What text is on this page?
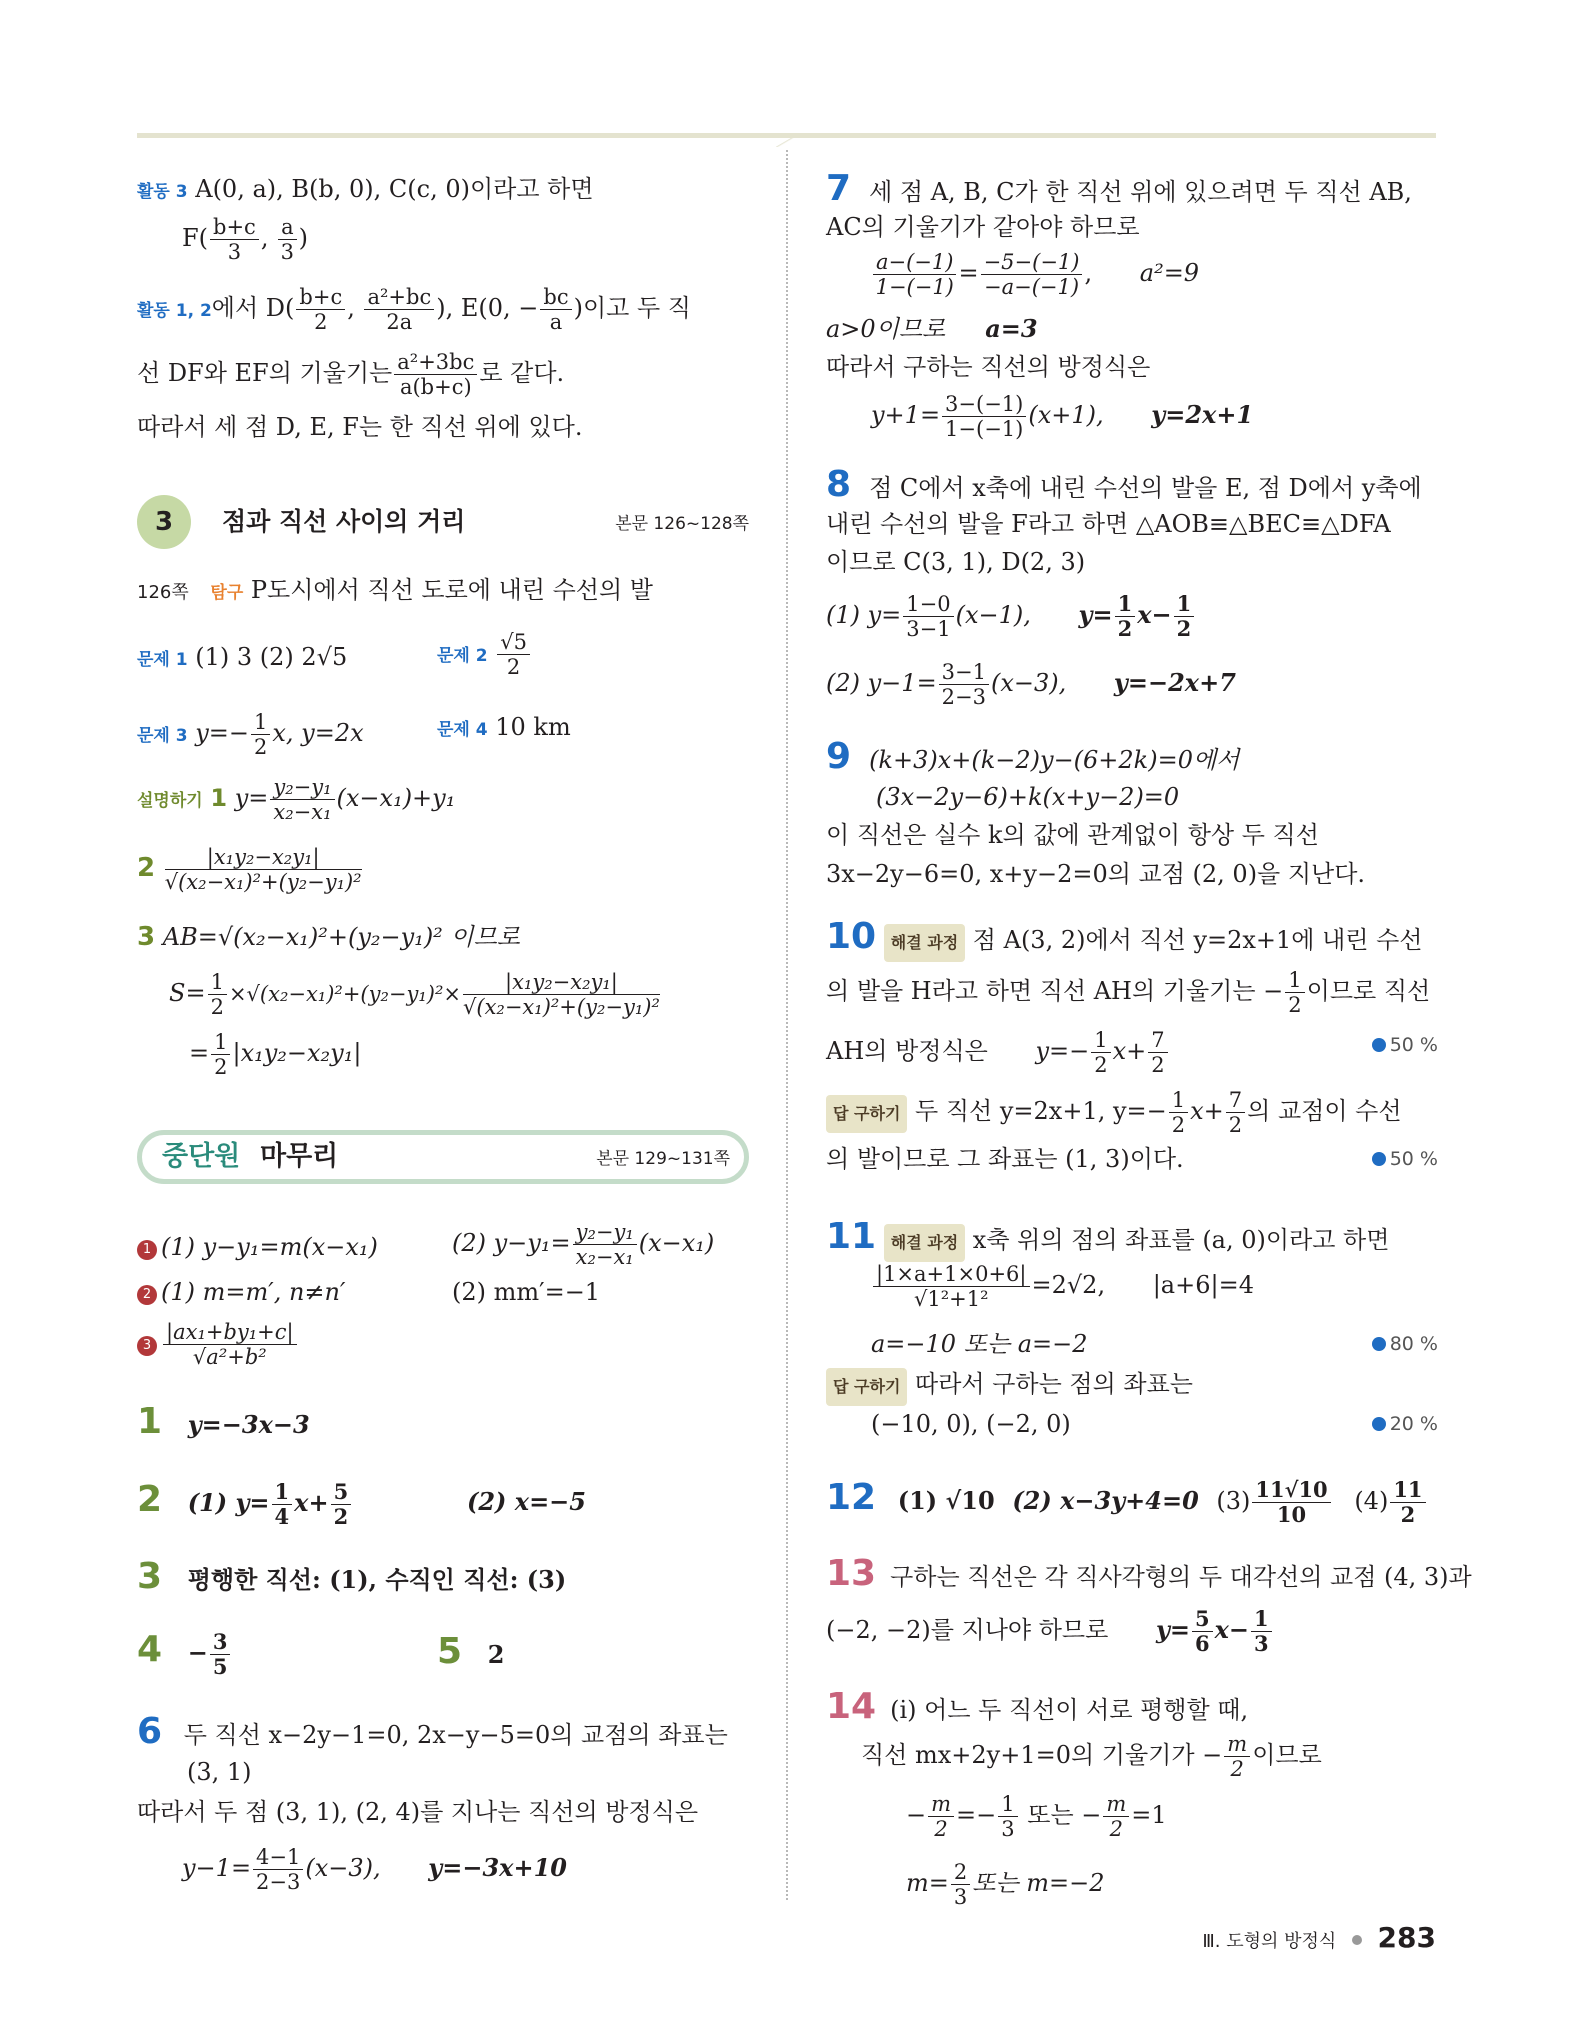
활동 3 A(0, a), B(b, 0), C(c, 0)이라고 하면
$F( \frac{b+c}{3}$ , $\frac{a}{3}$ )
활동 1, 2에서 $D( \frac{b+c}{2}$ , $\frac{\text{a²+bc}}{2a}$ ), E(0, − $\frac{bc}{a}$ )이고 두 직
선 DF와 EF의 기울기는 $\frac{\text{a²+3bc}}{a(b+c)}$ 로 같다.
따라서 세 점 D, E, F는 한 직선 위에 있다.
3	점과 직선 사이의 거리	본문 126~128쪽
126쪽 탐구 P도시에서 직선 도로에 내린 수선의 발
문제 1 (1) 3 (2) 2√5	문제 $2 \frac{√5}{2}$
문제 3 $y=- \frac{1}{2} x$, y=2x	문제 4 10 km
설명하기 1 $y= \frac{\text{y₂−y₁}}{\text{x₂−x₁}} (x-x_1)+y_1$
$2 \frac{\text{|x₁y₂−x₂y₁|}}{\text{√(x₂−x₁)²+(y₂−y₁)²}}$
3 AB=√(x₂−x₁)²+(y₂−y₁)² 이므로
$S= \frac{1}{2} \times√(x_2-x_1)^2+(y_2-y_1)^2\times \frac{\text{|x₁y₂−x₂y₁|}}{\text{√(x₂−x₁)²+(y₂−y₁)²}}$
= $\frac{1}{2} |x_1y_2-x_2y_1|$
중단원 마무리	본문 129~131쪽
1 (1) y−y₁=m(x−x₁)	(2) $y-y_1= \frac{\text{y₂−y₁}}{\text{x₂−x₁}} (x-x_1)$
2 (1) m=m′, n≠n′	(2) mm′=−1
$3 \frac{\text{|ax₁+by₁+c|}}{\text{√a²+b²}}$
1 y=−3x−3
2 (1) $y= \frac{1}{4} x+ \frac{5}{2}$	(2) x=−5
3 평행한 직선: (1), 수직인 직선: (3)
$4 - \frac{3}{5}$	5 2
6 두 직선 x−2y−1=0, 2x−y−5=0의 교점의 좌표는
(3, 1)
따라서 두 점 (3, 1), (2, 4)를 지나는 직선의 방정식은
$y-1= \frac{4-1}{2-3} (x-3)$, y=−3x+10
7 세 점 A, B, C가 한 직선 위에 있으려면 두 직선 AB,
AC의 기울기가 같아야 하므로
$\frac{a-(-1)}{1-(-1)} = \frac{-5-(-1)}{-a-(-1)}$ , a²=9
a>0이므로 a=3
따라서 구하는 직선의 방정식은
$y+1= \frac{3-(-1)}{1-(-1)} (x+1)$, y=2x+1
8 점 C에서 x축에 내린 수선의 발을 E, 점 D에서 y축에
내린 수선의 발을 F라고 하면 △AOB≡△BEC≡△DFA
이므로 C(3, 1), D(2, 3)
(1) $y= \frac{1-0}{3-1} (x-1)$, $y= \frac{1}{2} x- \frac{1}{2}$
(2) $y-1= \frac{3-1}{2-3} (x-3)$, y=−2x+7
9 (k+3)x+(k−2)y−(6+2k)=0에서
(3x−2y−6)+k(x+y−2)=0
이 직선은 실수 k의 값에 관계없이 항상 두 직선
3x−2y−6=0, x+y−2=0의 교점 (2, 0)을 지난다.
10 해결 과정 점 A(3, 2)에서 직선 y=2x+1에 내린 수선
의 발을 H라고 하면 직선 AH의 기울기는 − $\frac{1}{2}$ 이므로 직선
AH의 방정식은 $y=- \frac{1}{2} x+ \frac{7}{2}$	50 %
답 구하기 두 직선 y=2x+1, $y=- \frac{1}{2} x+ \frac{7}{2}$ 의 교점이 수선
의 발이므로 그 좌표는 (1, 3)이다.	50 %
11 해결 과정 x축 위의 점의 좌표를 (a, 0)이라고 하면
$\frac{|1\times a+1\times 0+6|}{\text{√1²+1²}} =2√2$, |a+6|=4
a=−10 또는 a=−2	80 %
답 구하기 따라서 구하는 점의 좌표는
(−10, 0), (−2, 0)	20 %
12 (1) √10 (2) x−3y+4=0 $(3) \frac{11√10}{10} (4) \frac{11}{2}$
13 구하는 직선은 각 직사각형의 두 대각선의 교점 (4, 3)과
(−2, −2)를 지나야 하므로 $y= \frac{5}{6} x- \frac{1}{3}$
14 (i) 어느 두 직선이 서로 평행할 때,
직선 mx+2y+1=0의 기울기가 − $\frac{m}{2}$ 이므로
− $\frac{m}{2} =- \frac{1}{3}$ 또는 − $\frac{m}{2} =1$
$m= \frac{2}{3}$ 또는 m=−2
Ⅲ. 도형의 방정식 283
